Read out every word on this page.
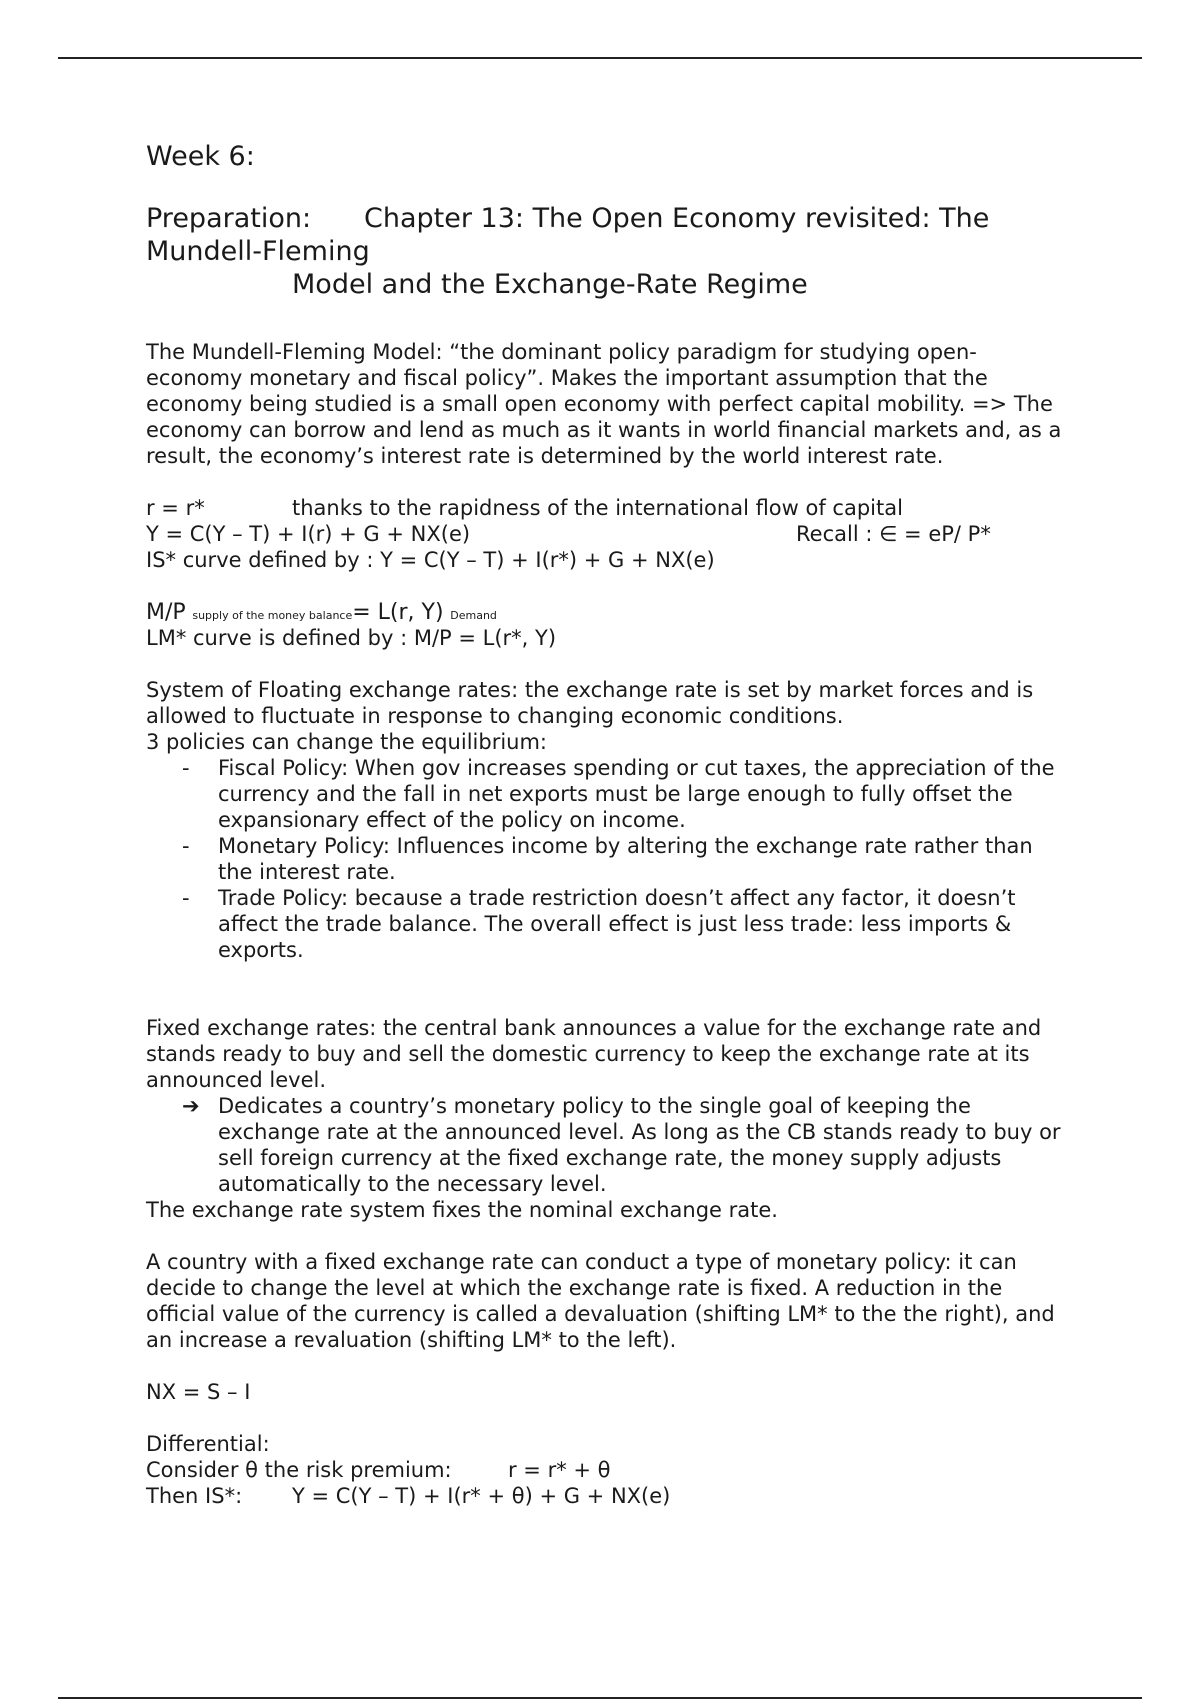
Week 6:
Preparation: Chapter 13: The Open Economy revisited: The Mundell-Fleming
Model and the Exchange-Rate Regime

The Mundell-Fleming Model: “the dominant policy paradigm for studying open-economy monetary and fiscal policy”. Makes the important assumption that the economy being studied is a small open economy with perfect capital mobility. => The economy can borrow and lend as much as it wants in world financial markets and, as a result, the economy’s interest rate is determined by the world interest rate.

r = r*	thanks to the rapidness of the international flow of capital
Y = C(Y – T) + I(r) + G + NX(e)	Recall : ∈ = eP/ P*
IS* curve defined by : Y = C(Y – T) + I(r*) + G + NX(e)
M/P supply of the money balance= L(r, Y) Demand
LM* curve is defined by : M/P = L(r*, Y)

System of Floating exchange rates: the exchange rate is set by market forces and is allowed to fluctuate in response to changing economic conditions.

3 policies can change the equilibrium:

-	Fiscal Policy: When gov increases spending or cut taxes, the appreciation of the currency and the fall in net exports must be large enough to fully offset the expansionary effect of the policy on income.
-	Monetary Policy: Influences income by altering the exchange rate rather than the interest rate.
-	Trade Policy: because a trade restriction doesn’t affect any factor, it doesn’t affect the trade balance. The overall effect is just less trade: less imports & exports.

Fixed exchange rates: the central bank announces a value for the exchange rate and stands ready to buy and sell the domestic currency to keep the exchange rate at its announced level.

➔ Dedicates a country’s monetary policy to the single goal of keeping the exchange rate at the announced level. As long as the CB stands ready to buy or sell foreign currency at the fixed exchange rate, the money supply adjusts automatically to the necessary level.

The exchange rate system fixes the nominal exchange rate.

A country with a fixed exchange rate can conduct a type of monetary policy: it can decide to change the level at which the exchange rate is fixed. A reduction in the official value of the currency is called a devaluation (shifting LM* to the the right), and an increase a revaluation (shifting LM* to the left).

NX = S – I

Differential:

Consider θ the risk premium:	r = r* + θ
Then IS*: Y = C(Y – T) + I(r* + θ) + G + NX(e)
